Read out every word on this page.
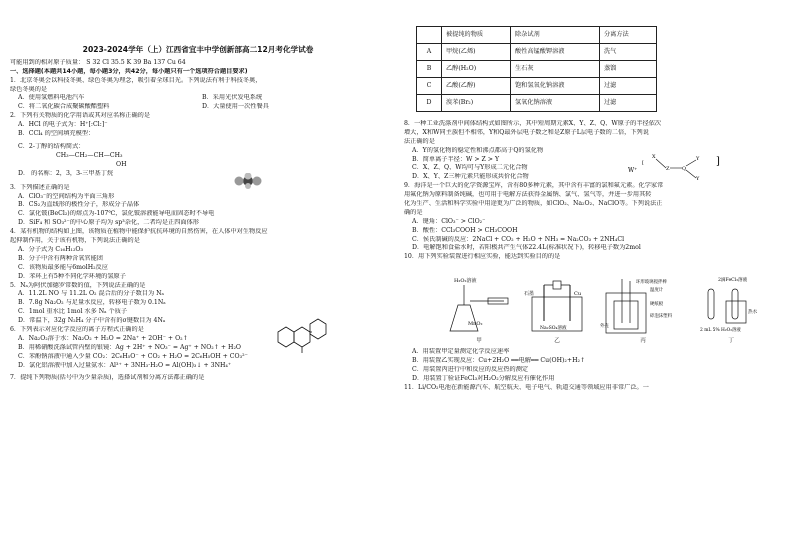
2023-2024学年（上）江西省宜丰中学创新部高二12月考化学试卷
可能用到的相对原子质量： S 32 Cl 35.5 K 39 Ba 137 Cu 64
一、选择题(本题共14小题，每小题3分，共42分，每小题只有一个选项符合题目要求)
1．北京冬奥会以科技冬奥、绿色冬奥为理念，吸引着全球目光。下列说法有利于科技冬奥，
绿色冬奥的是
A．使用氢燃料电池汽车	B．采用光伏发电系统
C．将二氧化碳合成聚碳酸酯塑料	D．大量使用一次性餐具
2．下列有关物质的化学用语或其对应名称正确的是
A．HCl 的电子式为：H⁺[:Cl:]⁻
B．CCl₄ 的空间填充模型：
C．2-丁醇的结构简式：
CH₃—CH₂—CH—CH₃
OH
D． 的名称：2，3，3-三甲基丁烷
3．下列描述正确的是
A．ClO₃⁻的空间结构为平面三角形
B．CS₂为直线形的极性分子，形成分子晶体
C．氯化铍(BeCl₂)的熔点为-107℃，氯化铍溶液能导电而固态时不导电
D．SiF₄ 和 SO₃²⁻的中心原子均为 sp³杂化，二者均是正四面体形
4．某有机物的结构如上图，该物质在植物中能保护抗抗环境的自然伤害，在人体中对生物反应
起抑制作用，关于该有机物，下列说法正确的是
A．分子式为 C₁₆H₁₂O₃
B．分子中含有两种含氧官能团
C．该物质最多能与6molH₂反应
D．苯环上有5种不同化学环境的氢原子
5．Nₐ为阿伏加德罗常数的值，下列说法正确的是
A．11.2L NO 与 11.2L O₂ 混合后的分子数目为 Nₐ
B．7.8g Na₂O₂ 与足量水反应，转移电子数为 0.1Nₐ
C．1mol 重水比 1mol 水多 Nₐ 个质子
D．常温下，32g N₂H₄ 分子中含有的σ键数目为 4Nₐ
6．下列表示对应化学反应的离子方程式正确的是
A．Na₂O₂溶于水：Na₂O₂ + H₂O = 2Na⁺ + 2OH⁻ + O₂↑
B．用稀硝酸洗涤试管内壁的银镜：Ag + 2H⁺ + NO₃⁻ = Ag⁺ + NO₂↑ + H₂O
C．苯酚钠溶液中通入少量 CO₂：2C₆H₅O⁻ + CO₂ + H₂O = 2C₆H₅OH + CO₃²⁻
D．氯化铝溶液中加入过量氨水：Al³⁺ + 3NH₃·H₂O = Al(OH)₃↓ + 3NH₄⁺
7．提纯下列物质(括号中为少量杂质)，选择试剂和分离方法都正确的是
	被提纯的物质	除杂试剂	分离方法
A	甲烷(乙烯)	酸性高锰酸钾溶液	洗气
B	乙醇(H₂O)	生石灰	蒸馏
C	乙酸(乙醇)	饱和氢氧化钠溶液	过滤
D	溴苯(Br₂)	氢氧化钠溶液	过滤
8．一种工业洗涤剂中间体结构式如图所示，其中短周期元素X、Y、Z、Q、W原子的半径依次
增大，X和W同主族但不相邻，Y和Q最外层电子数之和是Z原子L层电子数的二倍，下列说
法正确的是
A．Y的氢化物的稳定性和沸点都高于Q的氢化物
B．简单离子半径：W > Z > Y
C．X、Z、Q、W均可与Y形成二元化合物
D．X、Y、Z三种元素只能形成共价化合物
W⁺
[
X
Z	Q
Y
Y
]
9．海洋是一个巨大的化学资源宝库，含有80多种元素，其中含有丰富的氯和氟元素。化学家常
用氟化钠为原料制备纯碱，也可用于电解方法获得金属钠、氯气、氢气等，并进一步用其转
化为生产、生活和科学实验中用途更为广泛的物质，如ClO₂、Na₂O₂、NaClO等。下列说法正
确的是
A．键角：ClO₃⁻ > ClO₂⁻
B．酸性：CCl₃COOH > CH₃COOH
C．侯氏制碱的反应：2NaCl + CO₂ + H₂O + NH₃ = Na₂CO₃ + 2NH₄Cl
D．电解饱和食盐水时，若阳极共产生气体22.4L(标准状况下)，转移电子数为2mol
10．用下列实验装置进行相应实验，能达到实验目的的是
H₂O₂溶液
MnO₂
甲
石墨	Cu
Na₂SO₄溶液
乙
环形玻璃搅拌棒
温度计
硬纸板
碎泡沫塑料
外壳
丙
2滴FeCl₃溶液
热水
2 mL 5% H₂O₂溶液
丁
A．用装置甲定量测定化学反应速率
B．用装置乙实现反应：Cu+2H₂O ══电解══ Cu(OH)₂+H₂↑
C．用装置丙进行中和反应的反应热的测定
D．用装置丁验证FeCl₃对H₂O₂分解反应有催化作用
11．Li/CO₂电池在新能源汽车、航空航天、电子电气、轨道交通等领域应用非常广泛。一
